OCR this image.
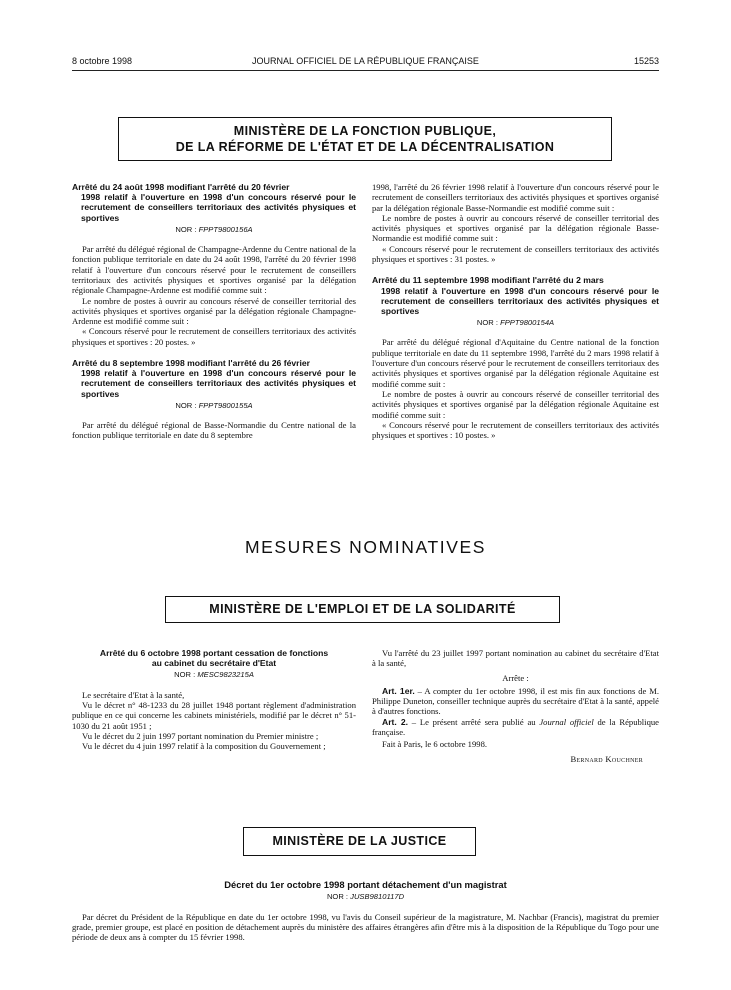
8 octobre 1998	JOURNAL OFFICIEL DE LA RÉPUBLIQUE FRANÇAISE	15253
MINISTÈRE DE LA FONCTION PUBLIQUE,
DE LA RÉFORME DE L'ÉTAT ET DE LA DÉCENTRALISATION
Arrêté du 24 août 1998 modifiant l'arrêté du 20 février
1998 relatif à l'ouverture en 1998 d'un concours réservé pour le recrutement de conseillers territoriaux des activités physiques et sportives
NOR : FPPT9800156A

Par arrêté du délégué régional de Champagne-Ardenne du Centre national de la fonction publique territoriale en date du 24 août 1998, l'arrêté du 20 février 1998 relatif à l'ouverture d'un concours réservé pour le recrutement de conseillers territoriaux des activités physiques et sportives organisé par la délégation régionale Champagne-Ardenne est modifié comme suit :

Le nombre de postes à ouvrir au concours réservé de conseiller territorial des activités physiques et sportives organisé par la délégation régionale Champagne-Ardenne est modifié comme suit :

« Concours réservé pour le recrutement de conseillers territoriaux des activités physiques et sportives : 20 postes. »

Arrêté du 8 septembre 1998 modifiant l'arrêté du 26 février
1998 relatif à l'ouverture en 1998 d'un concours réservé pour le recrutement de conseillers territoriaux des activités physiques et sportives
NOR : FPPT9800155A

Par arrêté du délégué régional de Basse-Normandie du Centre national de la fonction publique territoriale en date du 8 septembre

1998, l'arrêté du 26 février 1998 relatif à l'ouverture d'un concours réservé pour le recrutement de conseillers territoriaux des activités physiques et sportives organisé par la délégation régionale Basse-Normandie est modifié comme suit :

Le nombre de postes à ouvrir au concours réservé de conseiller territorial des activités physiques et sportives organisé par la délégation régionale Basse-Normandie est modifié comme suit :

« Concours réservé pour le recrutement de conseillers territoriaux des activités physiques et sportives : 31 postes. »

Arrêté du 11 septembre 1998 modifiant l'arrêté du 2 mars
1998 relatif à l'ouverture en 1998 d'un concours réservé pour le recrutement de conseillers territoriaux des activités physiques et sportives
NOR : FPPT9800154A

Par arrêté du délégué régional d'Aquitaine du Centre national de la fonction publique territoriale en date du 11 septembre 1998, l'arrêté du 2 mars 1998 relatif à l'ouverture d'un concours réservé pour le recrutement de conseillers territoriaux des activités physiques et sportives organisé par la délégation régionale Aquitaine est modifié comme suit :

Le nombre de postes à ouvrir au concours réservé de conseiller territorial des activités physiques et sportives organisé par la délégation régionale Aquitaine est modifié comme suit :

« Concours réservé pour le recrutement de conseillers territoriaux des activités physiques et sportives : 10 postes. »

MESURES NOMINATIVES
MINISTÈRE DE L'EMPLOI ET DE LA SOLIDARITÉ
Arrêté du 6 octobre 1998 portant cessation de fonctions
au cabinet du secrétaire d'Etat
NOR : MESC9823215A

Le secrétaire d'Etat à la santé,

Vu le décret n° 48-1233 du 28 juillet 1948 portant règlement d'administration publique en ce qui concerne les cabinets ministériels, modifié par le décret n° 51-1030 du 21 août 1951 ;

Vu le décret du 2 juin 1997 portant nomination du Premier ministre ;

Vu le décret du 4 juin 1997 relatif à la composition du Gouvernement ;

Vu l'arrêté du 23 juillet 1997 portant nomination au cabinet du secrétaire d'Etat à la santé,

Arrête :

Art. 1er. – A compter du 1er octobre 1998, il est mis fin aux fonctions de M. Philippe Duneton, conseiller technique auprès du secrétaire d'Etat à la santé, appelé à d'autres fonctions.

Art. 2. – Le présent arrêté sera publié au Journal officiel de la République française.

Fait à Paris, le 6 octobre 1998.

Bernard Kouchner
MINISTÈRE DE LA JUSTICE
Décret du 1er octobre 1998 portant détachement d'un magistrat
NOR : JUSB9810117D

Par décret du Président de la République en date du 1er octobre 1998, vu l'avis du Conseil supérieur de la magistrature, M. Nachbar (Francis), magistrat du premier grade, premier groupe, est placé en position de détachement auprès du ministère des affaires étrangères afin d'être mis à la disposition de la République du Togo pour une période de deux ans à compter du 15 février 1998.
